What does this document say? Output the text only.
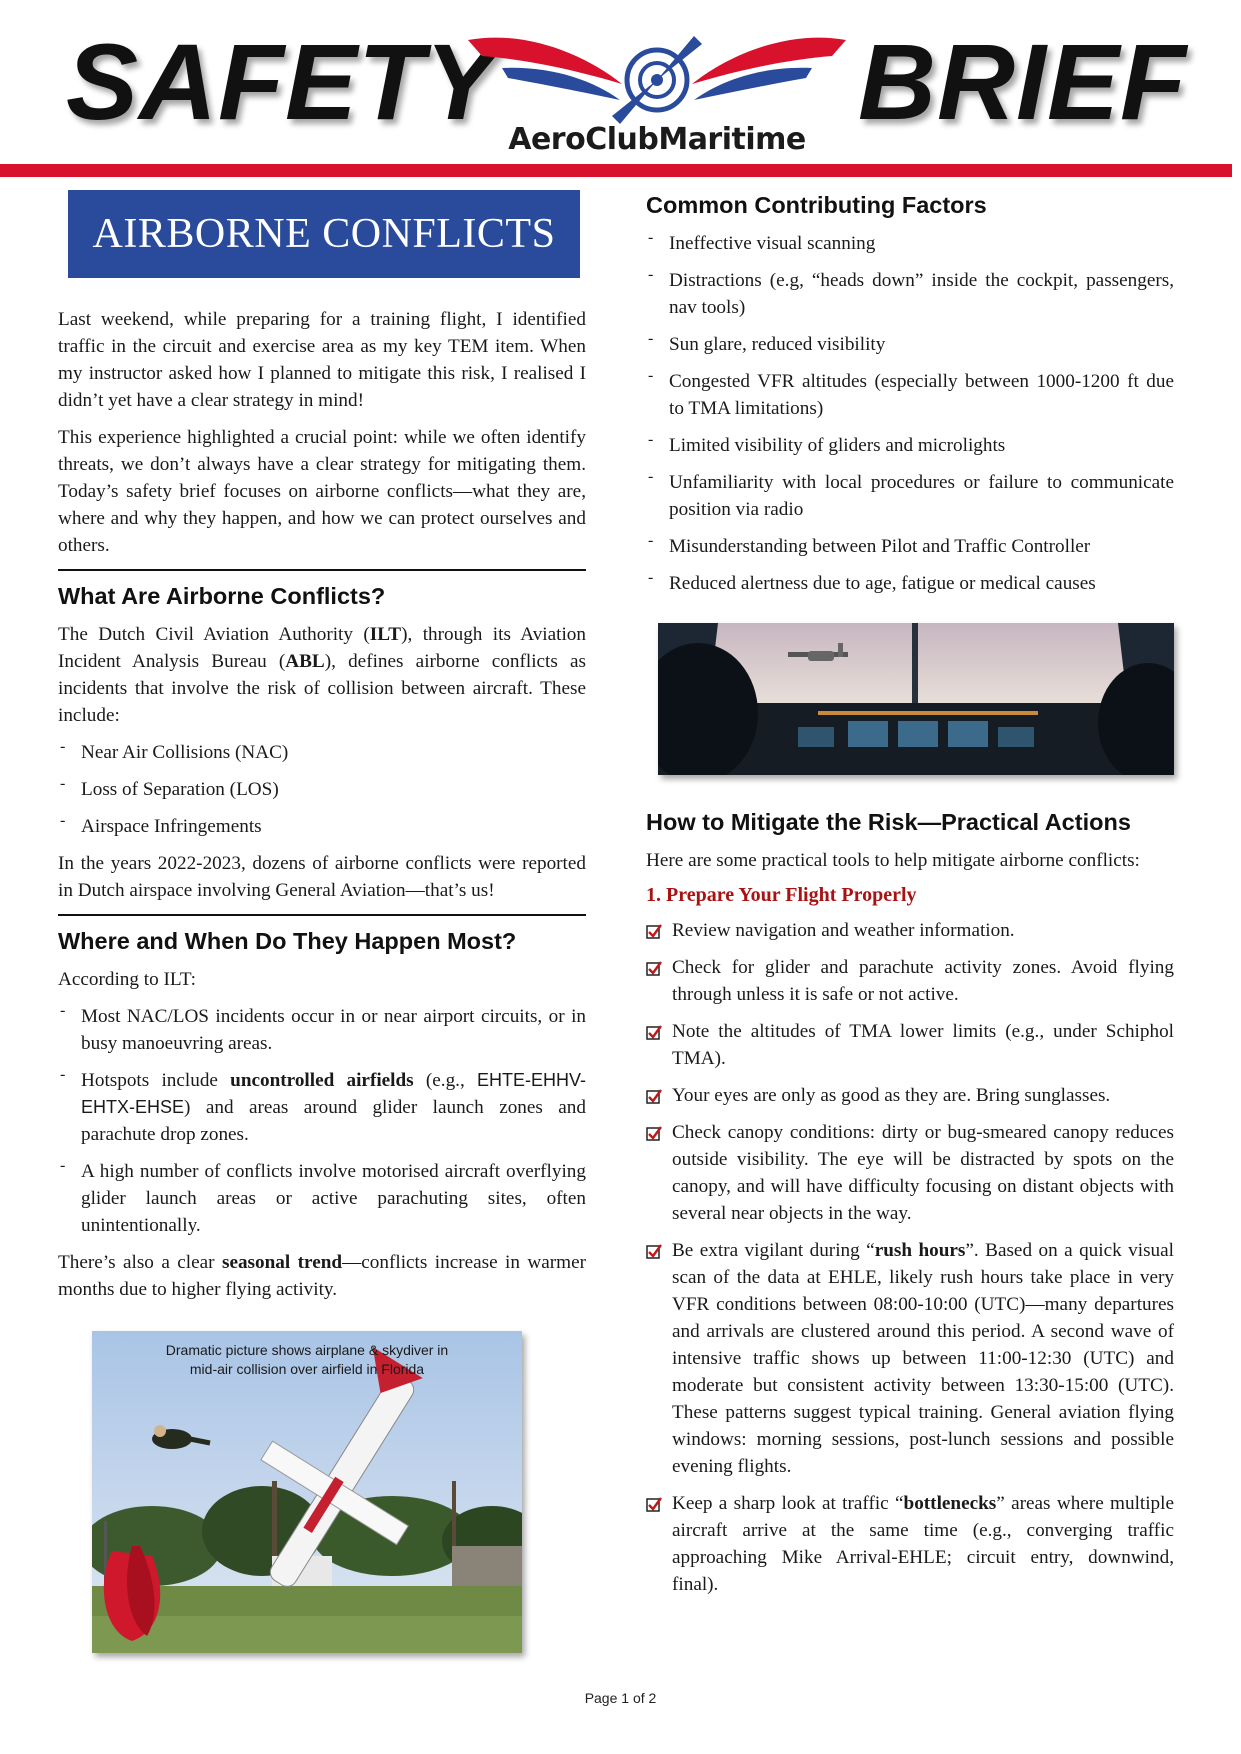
SAFETY AeroClubMaritime BRIEF
AIRBORNE CONFLICTS

Last weekend, while preparing for a training flight, I identified traffic in the circuit and exercise area as my key TEM item. When my instructor asked how I planned to mitigate this risk, I realised I didn’t yet have a clear strategy in mind!

This experience highlighted a crucial point: while we often identify threats, we don’t always have a clear strategy for mitigating them. Today’s safety brief focuses on airborne conflicts—what they are, where and why they happen, and how we can protect ourselves and others.

What Are Airborne Conflicts?

The Dutch Civil Aviation Authority (ILT), through its Aviation Incident Analysis Bureau (ABL), defines airborne conflicts as incidents that involve the risk of collision between aircraft. These include:

- Near Air Collisions (NAC)
- Loss of Separation (LOS)
- Airspace Infringements

In the years 2022-2023, dozens of airborne conflicts were reported in Dutch airspace involving General Aviation—that’s us!

Where and When Do They Happen Most?

According to ILT:

- Most NAC/LOS incidents occur in or near airport circuits, or in busy manoeuvring areas.
- Hotspots include uncontrolled airfields (e.g., EHTE-EHHV-EHTX-EHSE) and areas around glider launch zones and parachute drop zones.
- A high number of conflicts involve motorised aircraft overflying glider launch areas or active parachuting sites, often unintentionally.

There’s also a clear seasonal trend—conflicts increase in warmer months due to higher flying activity.

Dramatic picture shows airplane & skydiver in mid-air collision over airfield in Florida
Common Contributing Factors
- Ineffective visual scanning
- Distractions (e.g, “heads down” inside the cockpit, passengers, nav tools)
- Sun glare, reduced visibility
- Congested VFR altitudes (especially between 1000-1200 ft due to TMA limitations)
- Limited visibility of gliders and microlights
- Unfamiliarity with local procedures or failure to communicate position via radio
- Misunderstanding between Pilot and Traffic Controller
- Reduced alertness due to age, fatigue or medical causes
How to Mitigate the Risk—Practical Actions

Here are some practical tools to help mitigate airborne conflicts:

1. Prepare Your Flight Properly
Review navigation and weather information.
Check for glider and parachute activity zones. Avoid flying through unless it is safe or not active.
Note the altitudes of TMA lower limits (e.g., under Schiphol TMA).
Your eyes are only as good as they are. Bring sunglasses.
Check canopy conditions: dirty or bug-smeared canopy reduces outside visibility. The eye will be distracted by spots on the canopy, and will have difficulty focusing on distant objects with several near objects in the way.
Be extra vigilant during “rush hours”. Based on a quick visual scan of the data at EHLE, likely rush hours take place in very VFR conditions between 08:00-10:00 (UTC)—many departures and arrivals are clustered around this period. A second wave of intensive traffic shows up between 11:00-12:30 (UTC) and moderate but consistent activity between 13:30-15:00 (UTC). These patterns suggest typical training. General aviation flying windows: morning sessions, post-lunch sessions and possible evening flights.
Keep a sharp look at traffic “bottlenecks” areas where multiple aircraft arrive at the same time (e.g., converging traffic approaching Mike Arrival-EHLE; circuit entry, downwind, final).
Page 1 of 2
